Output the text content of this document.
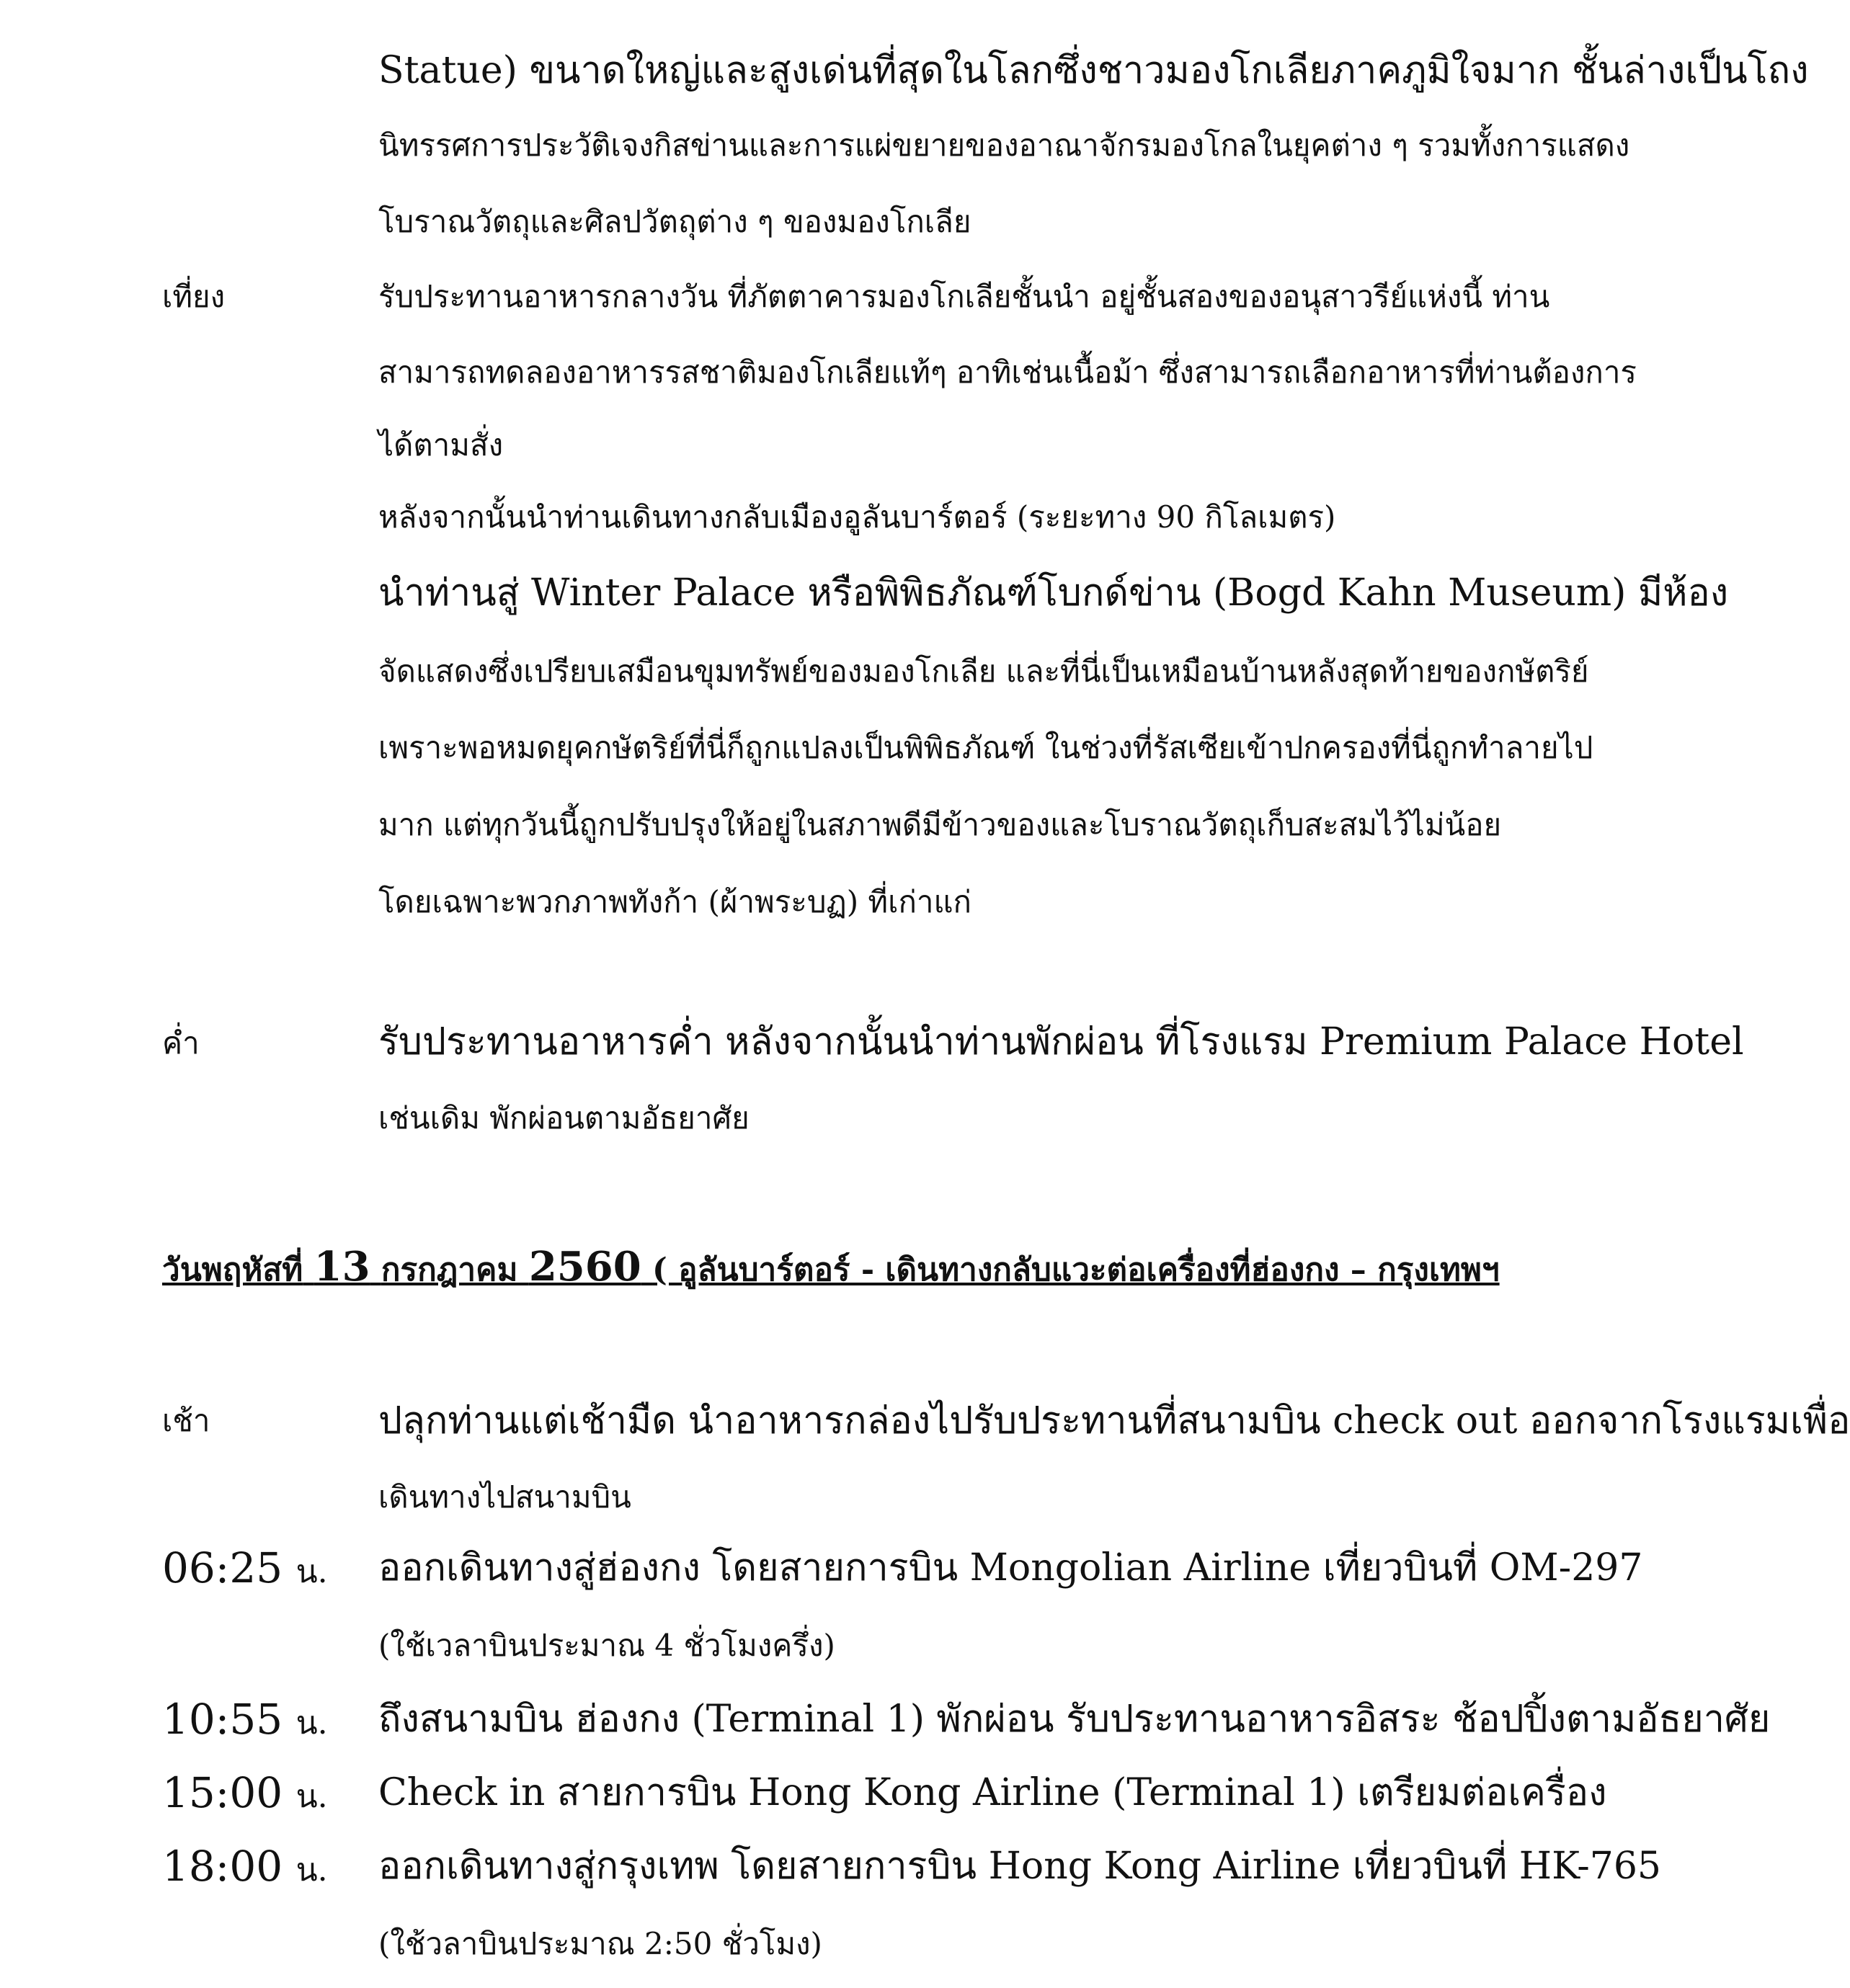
Statue) ขนาดใหญ่และสูงเด่นที่สุดในโลกซึ่งชาวมองโกเลียภาคภูมิใจมาก ชั้นล่างเป็นโถง
นิทรรศการประวัติเจงกิสข่านและการแผ่ขยายของอาณาจักรมองโกลในยุคต่าง ๆ รวมทั้งการแสดง
โบราณวัตถุและศิลปวัตถุต่าง ๆ ของมองโกเลีย
เที่ยง	รับประทานอาหารกลางวัน ที่ภัตตาคารมองโกเลียชั้นนำ อยู่ชั้นสองของอนุสาวรีย์แห่งนี้ ท่าน
สามารถทดลองอาหารรสชาติมองโกเลียแท้ๆ อาทิเช่นเนื้อม้า ซึ่งสามารถเลือกอาหารที่ท่านต้องการ
ได้ตามสั่ง
หลังจากนั้นนำท่านเดินทางกลับเมืองอูลันบาร์ตอร์ (ระยะทาง 90 กิโลเมตร)
นำท่านสู่ Winter Palace หรือพิพิธภัณฑ์โบกด์ข่าน (Bogd Kahn Museum) มีห้อง
จัดแสดงซึ่งเปรียบเสมือนขุมทรัพย์ของมองโกเลีย และที่นี่เป็นเหมือนบ้านหลังสุดท้ายของกษัตริย์
เพราะพอหมดยุคกษัตริย์ที่นี่ก็ถูกแปลงเป็นพิพิธภัณฑ์ ในช่วงที่รัสเซียเข้าปกครองที่นี่ถูกทำลายไป
มาก แต่ทุกวันนี้ถูกปรับปรุงให้อยู่ในสภาพดีมีข้าวของและโบราณวัตถุเก็บสะสมไว้ไม่น้อย
โดยเฉพาะพวกภาพทังก้า (ผ้าพระบฏ) ที่เก่าแก่
ค่ำ	รับประทานอาหารค่ำ หลังจากนั้นนำท่านพักผ่อน ที่โรงแรม Premium Palace Hotel
เช่นเดิม พักผ่อนตามอัธยาศัย
วันพฤหัสที่ 13 กรกฎาคม 2560 ( อูลันบาร์ตอร์ - เดินทางกลับแวะต่อเครื่องที่ฮ่องกง – กรุงเทพฯ
เช้า	ปลุกท่านแต่เช้ามืด นำอาหารกล่องไปรับประทานที่สนามบิน check out ออกจากโรงแรมเพื่อ
เดินทางไปสนามบิน
06:25 น. ออกเดินทางสู่ฮ่องกง โดยสายการบิน Mongolian Airline เที่ยวบินที่ OM-297
(ใช้เวลาบินประมาณ 4 ชั่วโมงครึ่ง)
10:55 น. ถึงสนามบิน ฮ่องกง (Terminal 1) พักผ่อน รับประทานอาหารอิสระ ช้อปปิ้งตามอัธยาศัย
15:00 น. Check in สายการบิน Hong Kong Airline (Terminal 1) เตรียมต่อเครื่อง
18:00 น. ออกเดินทางสู่กรุงเทพ โดยสายการบิน Hong Kong Airline เที่ยวบินที่ HK-765
(ใช้วลาบินประมาณ 2:50 ชั่วโมง)
